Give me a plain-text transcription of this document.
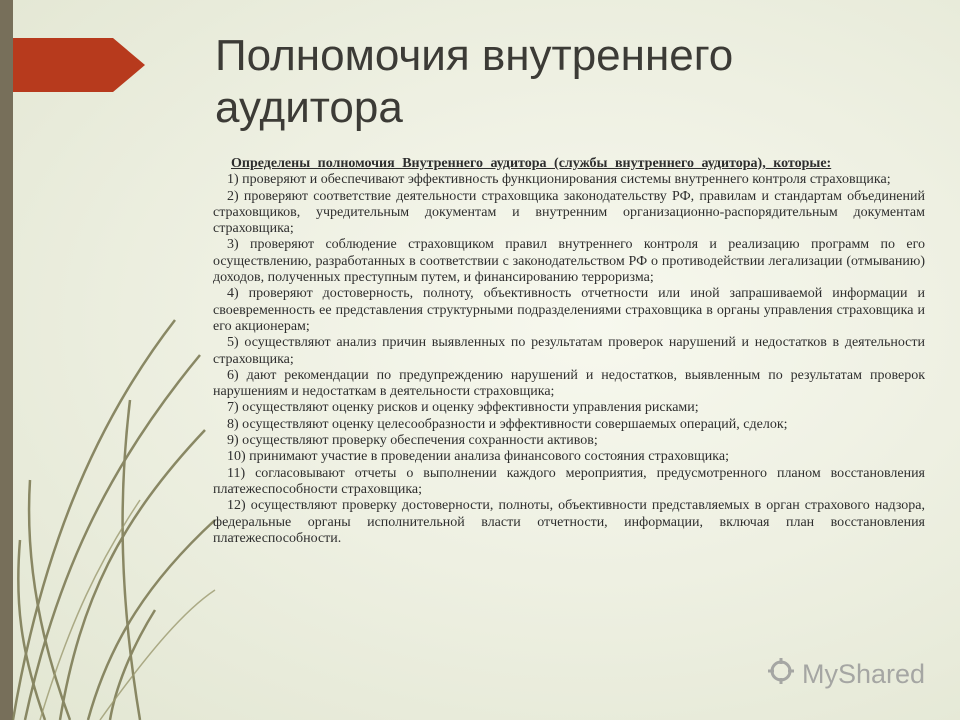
Полномочия внутреннего аудитора

Определены полномочия Внутреннего аудитора (службы внутреннего аудитора), которые:

1) проверяют и обеспечивают эффективность функционирования системы внутреннего контроля страховщика;

2) проверяют соответствие деятельности страховщика законодательству РФ, правилам и стандартам объединений страховщиков, учредительным документам и внутренним организационно-распорядительным документам страховщика;

3) проверяют соблюдение страховщиком правил внутреннего контроля и реализацию программ по его осуществлению, разработанных в соответствии с законодательством РФ о противодействии легализации (отмыванию) доходов, полученных преступным путем, и финансированию терроризма;

4) проверяют достоверность, полноту, объективность отчетности или иной запрашиваемой информации и своевременность ее представления структурными подразделениями страховщика в органы управления страховщика и его акционерам;

5) осуществляют анализ причин выявленных по результатам проверок нарушений и недостатков в деятельности страховщика;

6) дают рекомендации по предупреждению нарушений и недостатков, выявленным по результатам проверок нарушениям и недостаткам в деятельности страховщика;

7) осуществляют оценку рисков и оценку эффективности управления рисками;

8) осуществляют оценку целесообразности и эффективности совершаемых операций, сделок;

9) осуществляют проверку обеспечения сохранности активов;

10) принимают участие в проведении анализа финансового состояния страховщика;

11) согласовывают отчеты о выполнении каждого мероприятия, предусмотренного планом восстановления платежеспособности страховщика;

12) осуществляют проверку достоверности, полноты, объективности представляемых в орган страхового надзора, федеральные органы исполнительной власти отчетности, информации, включая план восстановления платежеспособности.

MyShared
